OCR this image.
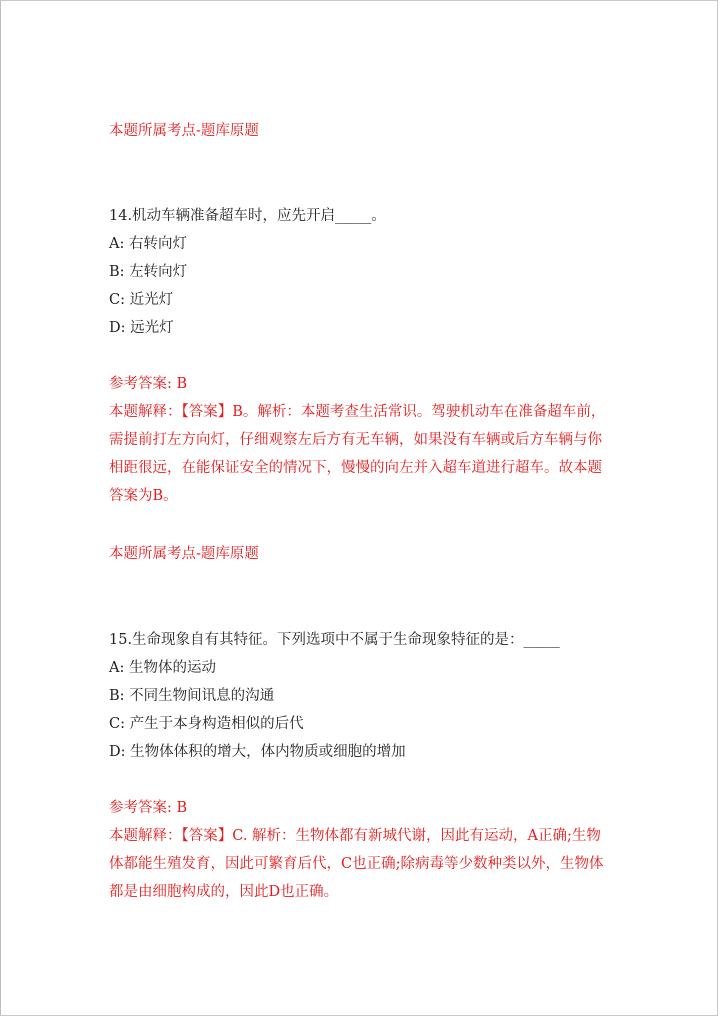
本题所属考点-题库原题
14.机动车辆准备超车时，应先开启_____。
A: 右转向灯
B: 左转向灯
C: 近光灯
D: 远光灯
参考答案: B
本题解释：【答案】B。解析：本题考查生活常识。驾驶机动车在准备超车前，
需提前打左方向灯，仔细观察左后方有无车辆，如果没有车辆或后方车辆与你
相距很远，在能保证安全的情况下，慢慢的向左并入超车道进行超车。故本题
答案为B。
本题所属考点-题库原题
15.生命现象自有其特征。下列选项中不属于生命现象特征的是：_____
A: 生物体的运动
B: 不同生物间讯息的沟通
C: 产生于本身构造相似的后代
D: 生物体体积的增大，体内物质或细胞的增加
参考答案: B
本题解释：【答案】C. 解析：生物体都有新城代谢，因此有运动，A正确;生物
体都能生殖发育，因此可繁育后代，C也正确;除病毒等少数种类以外，生物体
都是由细胞构成的，因此D也正确。
